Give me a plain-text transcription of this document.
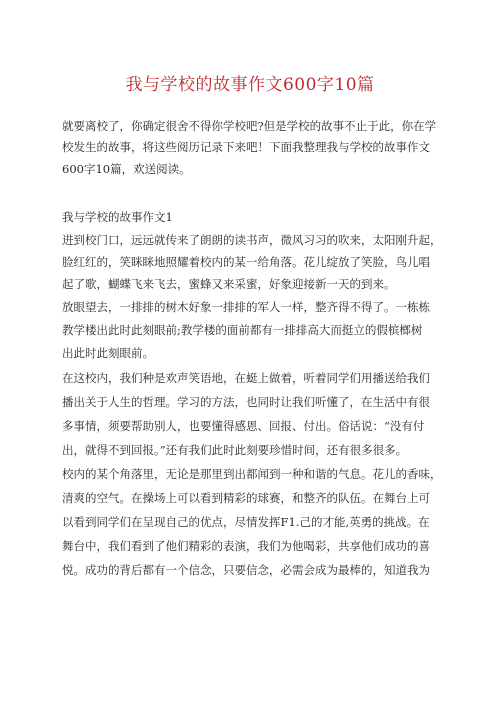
我与学校的故事作文600字10篇
就要离校了，你确定很舍不得你学校吧?但是学校的故事不止于此，你在学
校发生的故事，将这些阅历记录下来吧！下面我整理我与学校的故事作文
600字10篇，欢送阅读。
我与学校的故事作文1
进到校门口，远远就传来了朗朗的读书声，微风习习的吹来，太阳刚升起，
脸红红的，笑眯眯地照耀着校内的某一给角落。花儿绽放了笑脸，鸟儿唱
起了歌，蝴蝶飞来飞去，蜜蜂又来采蜜，好象迎接新一天的到来。
放眼望去，一排排的树木好象一排排的军人一样，整齐得不得了。一栋栋
教学楼出此时此刻眼前;教学楼的面前都有一排排高大而挺立的假槟榔树
出此时此刻眼前。
在这校内，我们种是欢声笑语地，在蜓上做着，听着同学们用播送给我们
播出关于人生的哲理。学习的方法，也同时让我们听懂了，在生活中有很
多事情，须要帮助别人，也要懂得感恩、回报、付出。俗话说：“没有付
出，就得不到回报。”还有我们此时此刻要珍惜时间，还有很多很多。
校内的某个角落里，无论是那里到出都闻到一种和谐的气息。花儿的香味，
清爽的空气。在操场上可以看到精彩的球赛，和整齐的队伍。在舞台上可
以看到同学们在呈现自己的优点，尽情发挥F1.己的才能,英勇的挑战。在
舞台中，我们看到了他们精彩的表演，我们为他喝彩，共享他们成功的喜
悦。成功的背后都有一个信念，只要信念，必需会成为最棒的，知道我为
